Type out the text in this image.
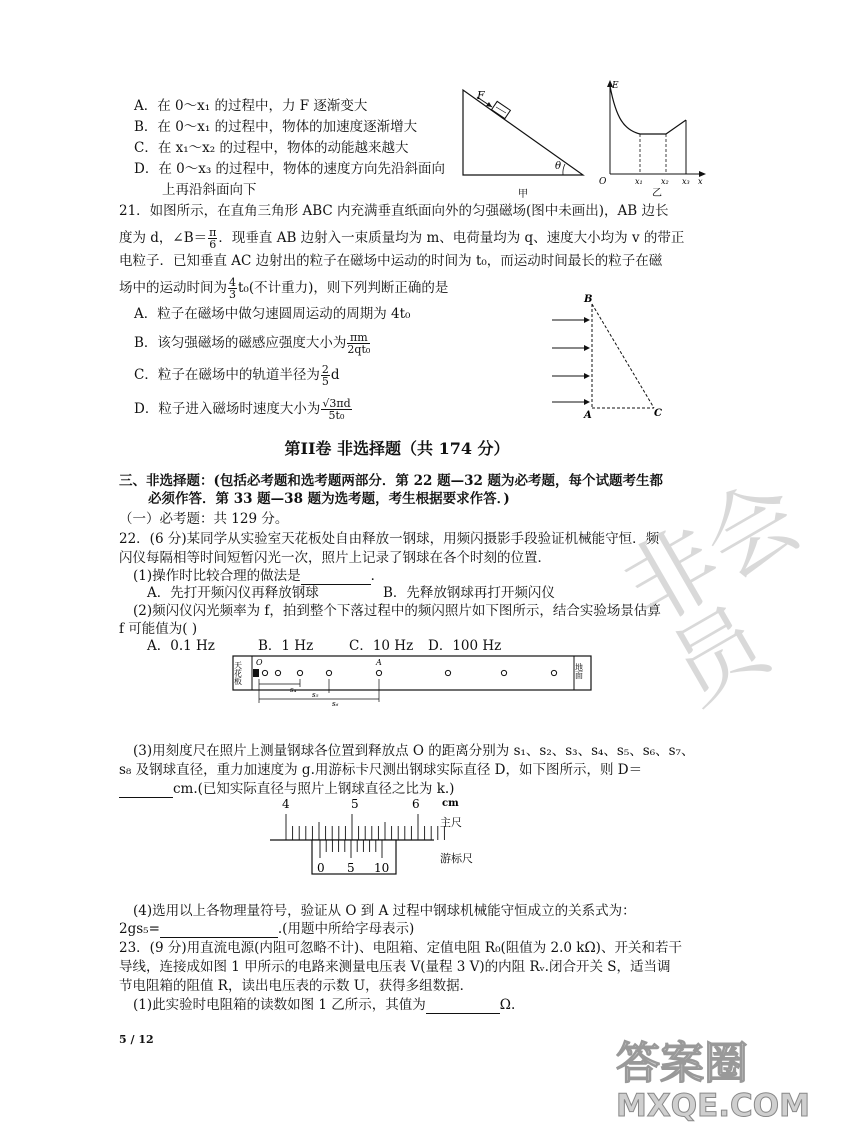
A．在 0～x₁ 的过程中，力 F 逐渐变大
B．在 0～x₁ 的过程中，物体的加速度逐渐增大
C．在 x₁～x₂ 的过程中，物体的动能越来越大
D．在 0～x₃ 的过程中，物体的速度方向先沿斜面向
上再沿斜面向下
F
θ
甲
E
O	x₁ x₂ x₃ x
乙
21．如图所示，在直角三角形 ABC 内充满垂直纸面向外的匀强磁场(图中未画出)，AB 边长
度为 d，∠B＝ $\frac{\pi}{6}$ ．现垂直 AB 边射入一束质量均为 m、电荷量均为 q、速度大小均为 v 的带正
电粒子．已知垂直 AC 边射出的粒子在磁场中运动的时间为 t₀，而运动时间最长的粒子在磁
场中的运动时间为 $\frac{4}{3} t_0$(不计重力)，则下列判断正确的是
A．粒子在磁场中做匀速圆周运动的周期为 4t₀
B．该匀强磁场的磁感应强度大小为 $\frac{\pi m}{\text{2qt₀}}$
C．粒子在磁场中的轨道半径为 $\frac{2}{5}$ d
D．粒子进入磁场时速度大小为 $\frac{√3\pi d}{\text{5t₀}}$
B
A	C
第II卷 非选择题（共 174 分）
三、非选择题：(包括必考题和选考题两部分．第 22 题—32 题为必考题，每个试题考生都
必须作答．第 33 题—38 题为选考题，考生根据要求作答．)
（一）必考题：共 129 分。
22．(6 分)某同学从实验室天花板处自由释放一钢球，用频闪摄影手段验证机械能守恒．频
闪仪每隔相等时间短暂闪光一次，照片上记录了钢球在各个时刻的位置．
(1)操作时比较合理的做法是	．
A．先打开频闪仪再释放钢球	B．先释放钢球再打开频闪仪
(2)频闪仪闪光频率为 f，拍到整个下落过程中的频闪照片如下图所示，结合实验场景估算
f 可能值为( )
A．0.1 Hz	B．1 Hz	C．10 Hz D．100 Hz
天花板	地面
O	A
s₄
s₅
s₆
(3)用刻度尺在照片上测量钢球各位置到释放点 O 的距离分别为 s₁、s₂、s₃、s₄、s₅、s₆、s₇、
s₈ 及钢球直径，重力加速度为 g.用游标卡尺测出钢球实际直径 D，如下图所示，则 D＝
cm.(已知实际直径与照片上钢球直径之比为 k.)
4	5	6 cm
主尺
0 5 10
游标尺
(4)选用以上各物理量符号，验证从 O 到 A 过程中钢球机械能守恒成立的关系式为：
2gs₅=	.(用题中所给字母表示)
23．(9 分)用直流电源(内阻可忽略不计)、电阻箱、定值电阻 R₀(阻值为 2.0 kΩ)、开关和若干
导线，连接成如图 1 甲所示的电路来测量电压表 V(量程 3 V)的内阻 Rᵥ.闭合开关 S，适当调
节电阻箱的阻值 R，读出电压表的示数 U，获得多组数据．
(1)此实验时电阻箱的读数如图 1 乙所示，其值为	Ω.
5 / 12
非会员
答案圈
MXQE.COM
